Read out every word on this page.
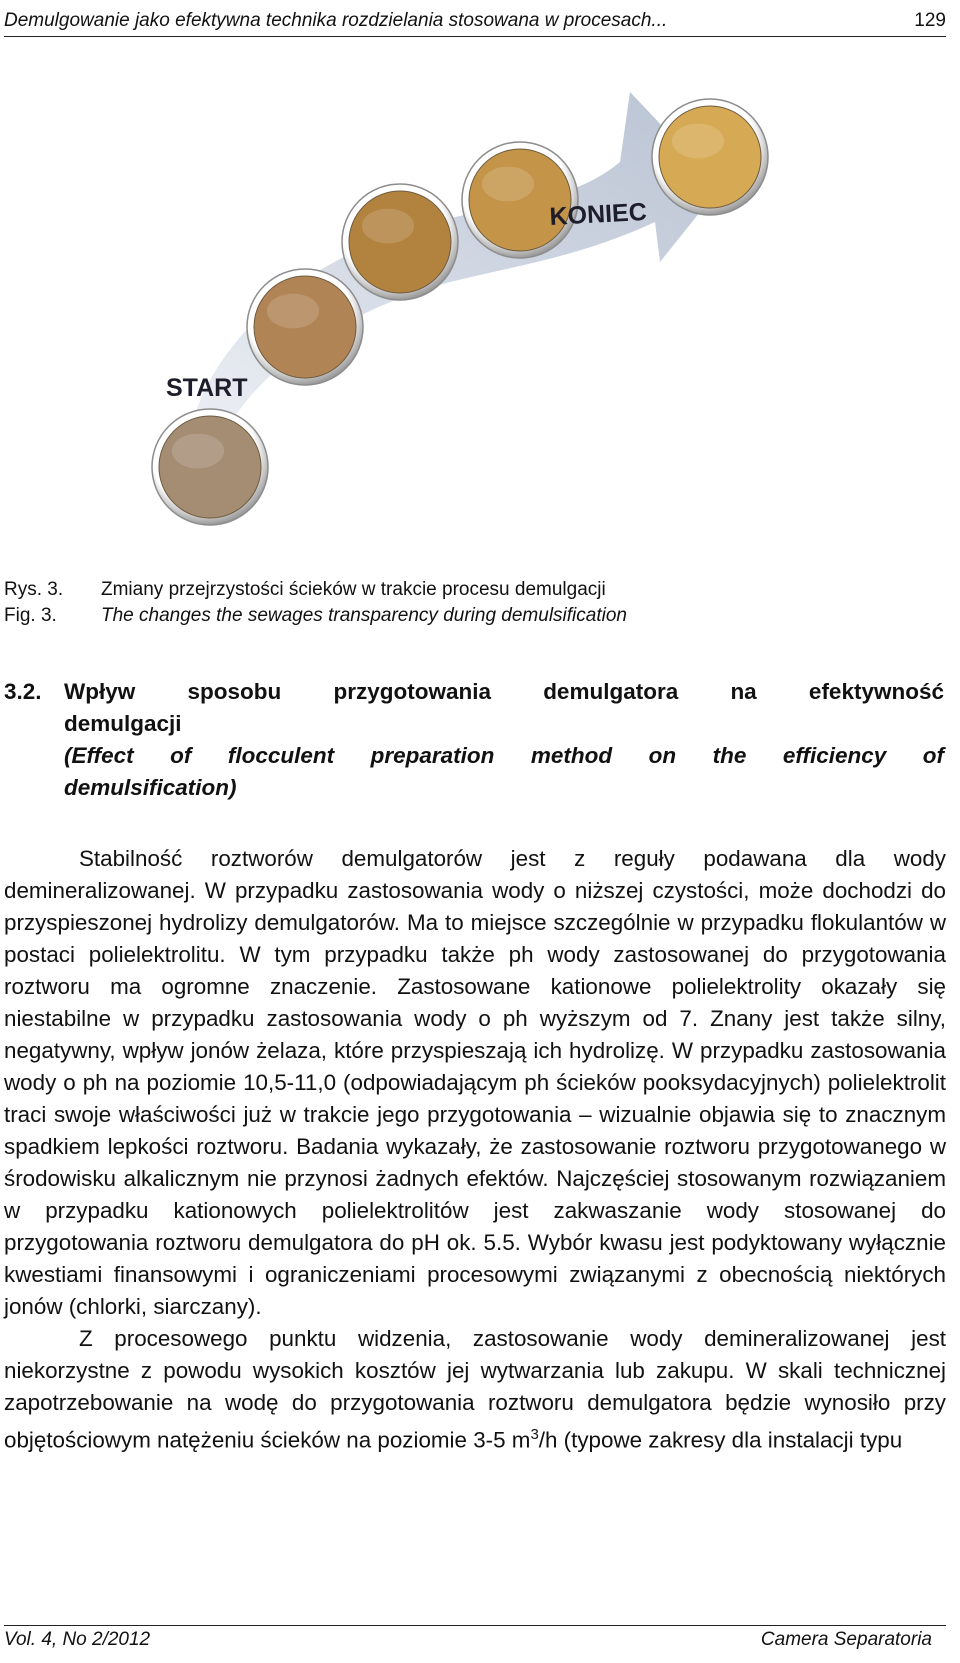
Demulgowanie jako efektywna technika rozdzielania stosowana w procesach...	129
KONIEC
START
Rys. 3.	Zmiany przejrzystości ścieków w trakcie procesu demulgacji
Fig. 3.	The changes the sewages transparency during demulsification
3.2. Wpływ sposobu przygotowania demulgatora na efektywność
demulgacji
(Effect of flocculent preparation method on the efficiency of
demulsification)

Stabilność roztworów demulgatorów jest z reguły podawana dla wody demineralizowanej. W przypadku zastosowania wody o niższej czystości, może dochodzi do przyspieszonej hydrolizy demulgatorów. Ma to miejsce szczególnie w przypadku flokulantów w postaci polielektrolitu. W tym przypadku także ph wody zastosowanej do przygotowania roztworu ma ogromne znaczenie. Zastosowane kationowe polielektrolity okazały się niestabilne w przypadku zastosowania wody o ph wyższym od 7. Znany jest także silny, negatywny, wpływ jonów żelaza, które przyspieszają ich hydrolizę. W przypadku zastosowania wody o ph na poziomie 10,5-11,0 (odpowiadającym ph ścieków pooksydacyjnych) polielektrolit traci swoje właściwości już w trakcie jego przygotowania – wizualnie objawia się to znacznym spadkiem lepkości roztworu. Badania wykazały, że zastosowanie roztworu przygotowanego w środowisku alkalicznym nie przynosi żadnych efektów. Najczęściej stosowanym rozwiązaniem w przypadku kationowych polielektrolitów jest zakwaszanie wody stosowanej do przygotowania roztworu demulgatora do pH ok. 5.5. Wybór kwasu jest podyktowany wyłącznie kwestiami finansowymi i ograniczeniami procesowymi związanymi z obecnością niektórych jonów (chlorki, siarczany).

Z procesowego punktu widzenia, zastosowanie wody demineralizowanej jest niekorzystne z powodu wysokich kosztów jej wytwarzania lub zakupu. W skali technicznej zapotrzebowanie na wodę do przygotowania roztworu demulgatora będzie wynosiło przy objętościowym natężeniu ścieków na poziomie 3-5 $m^3/h$ (typowe zakresy dla instalacji typu

Vol. 4, No 2/2012	Camera Separatoria
